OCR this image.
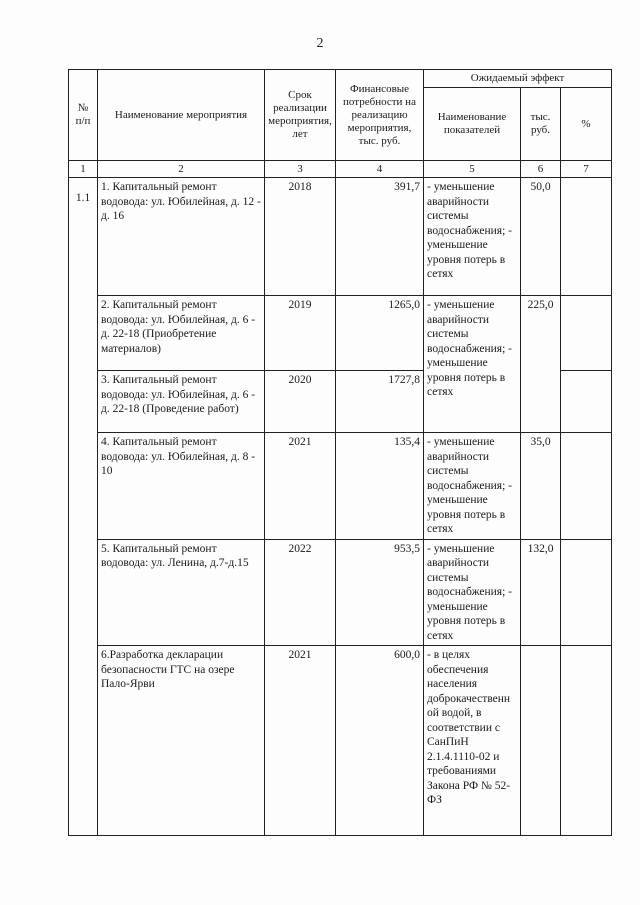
2
№ п/п	Наименование мероприятия	Срок реализации мероприятия, лет	Финансовые потребности на реализацию мероприятия, тыс. руб.	Ожидаемый эффект		
				Наименование показателей	тыс. руб.	%
1	2	3	4	5	6	7
1.1	1. Капитальный ремонт водовода: ул. Юбилейная, д. 12 - д. 16	2018	391,7	- уменьшение аварийности системы водоснабжения; - уменьшение уровня потерь в сетях	50,0	
	2. Капитальный ремонт водовода: ул. Юбилейная, д. 6 - д. 22-18 (Приобретение материалов)	2019	1265,0	- уменьшение аварийности системы водоснабжения; - уменьшение уровня потерь в сетях	225,0	
	3. Капитальный ремонт водовода: ул. Юбилейная, д. 6 - д. 22-18 (Проведение работ)	2020	1727,8			
	4. Капитальный ремонт водовода: ул. Юбилейная, д. 8 - 10	2021	135,4	- уменьшение аварийности системы водоснабжения; - уменьшение уровня потерь в сетях	35,0	
	5. Капитальный ремонт водовода: ул. Ленина, д.7-д.15	2022	953,5	- уменьшение аварийности системы водоснабжения; - уменьшение уровня потерь в сетях	132,0	
	6.Разработка декларации безопасности ГТС на озере Пало-Ярви	2021	600,0	- в целях обеспечения населения доброкачественн ой водой, в соответствии с СанПиН 2.1.4.1110-02 и требованиями Закона РФ № 52-ФЗ		
